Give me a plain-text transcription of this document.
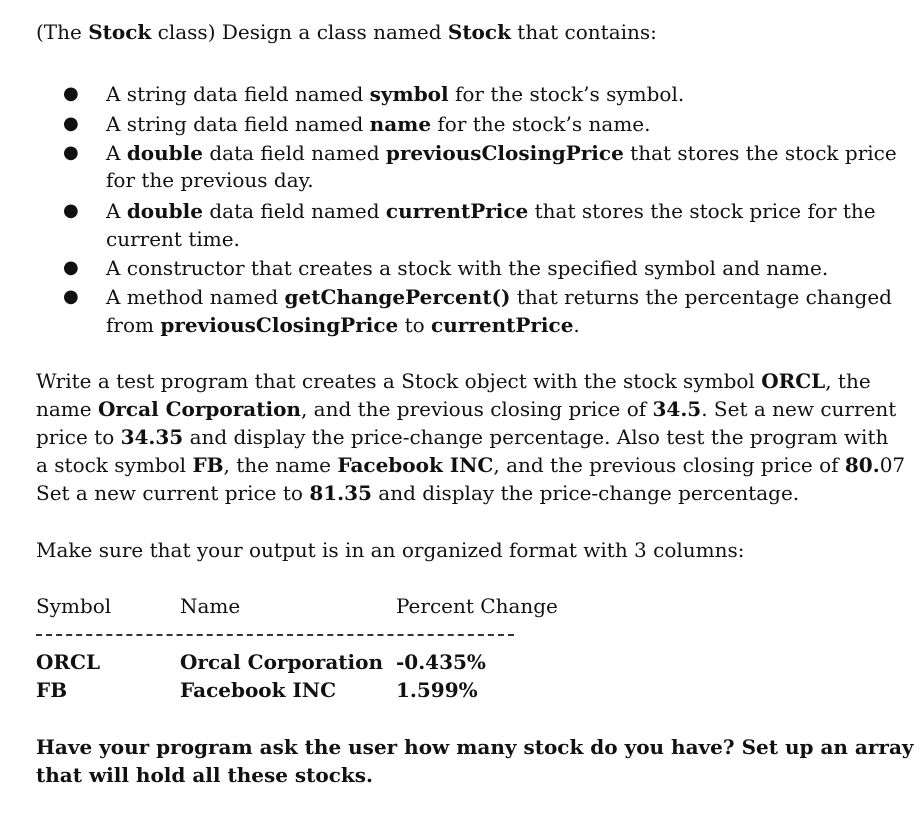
(The Stock class) Design a class named Stock that contains:
● A string data field named symbol for the stock’s symbol.
● A string data field named name for the stock’s name.
● A double data field named previousClosingPrice that stores the stock price
for the previous day.
● A double data field named currentPrice that stores the stock price for the
current time.
● A constructor that creates a stock with the specified symbol and name.
● A method named getChangePercent() that returns the percentage changed
from previousClosingPrice to currentPrice.
Write a test program that creates a Stock object with the stock symbol ORCL, the
name Orcal Corporation, and the previous closing price of 34.5. Set a new current
price to 34.35 and display the price-change percentage. Also test the program with
a stock symbol FB, the name Facebook INC, and the previous closing price of 80.07
Set a new current price to 81.35 and display the price-change percentage.
Make sure that your output is in an organized format with 3 columns:
Symbol	Name	Percent Change
ORCL	Orcal Corporation -0.435%
FB	Facebook INC	1.599%
Have your program ask the user how many stock do you have? Set up an array
that will hold all these stocks.
